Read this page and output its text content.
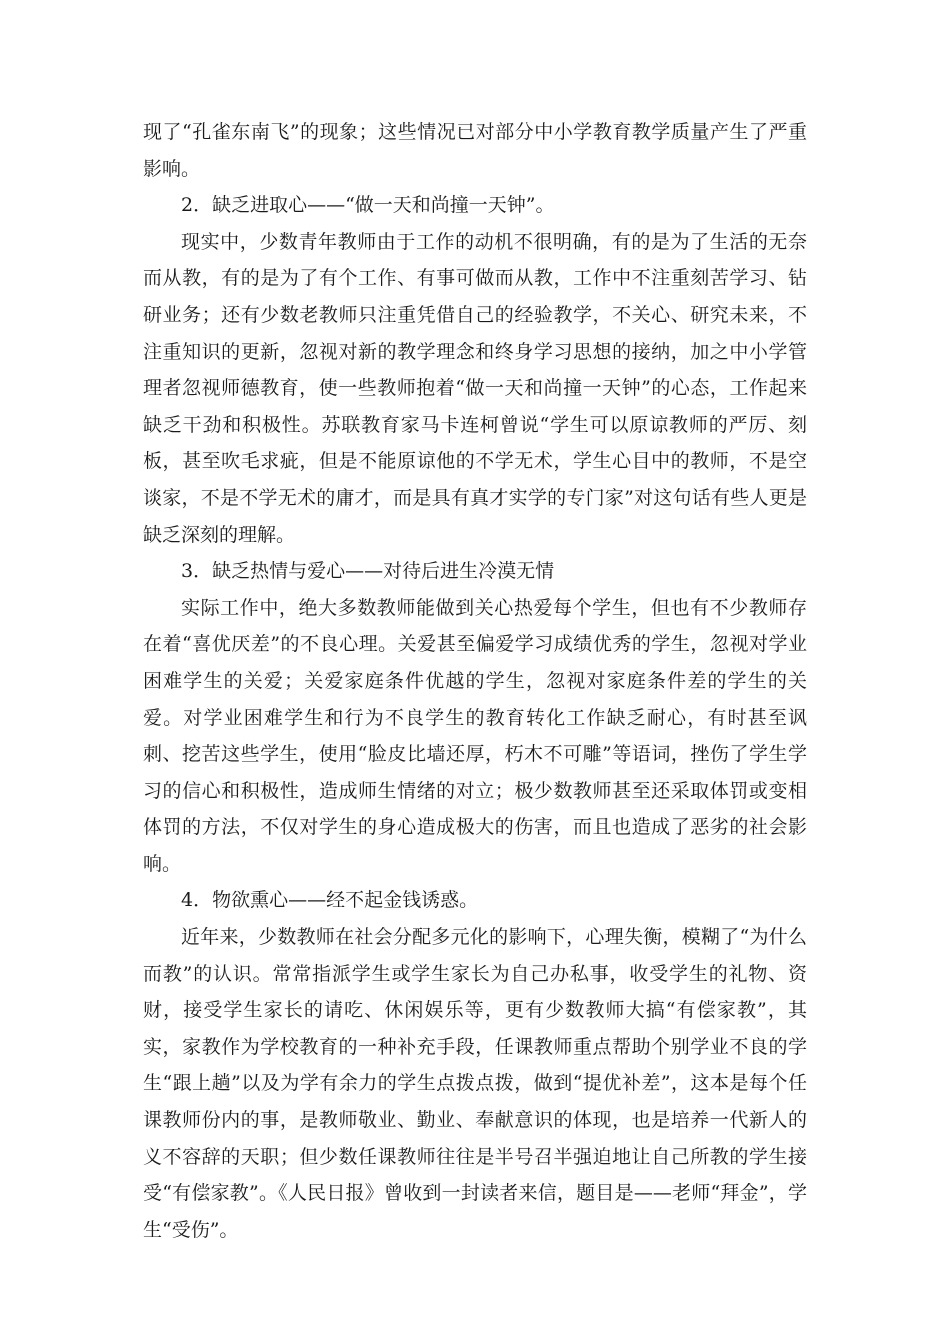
现了“孔雀东南飞”的现象；这些情况已对部分中小学教育教学质量产生了严重影响。

2．缺乏进取心——“做一天和尚撞一天钟”。

现实中，少数青年教师由于工作的动机不很明确，有的是为了生活的无奈而从教，有的是为了有个工作、有事可做而从教，工作中不注重刻苦学习、钻研业务；还有少数老教师只注重凭借自己的经验教学，不关心、研究未来，不注重知识的更新，忽视对新的教学理念和终身学习思想的接纳，加之中小学管理者忽视师德教育，使一些教师抱着“做一天和尚撞一天钟”的心态，工作起来缺乏干劲和积极性。苏联教育家马卡连柯曾说“学生可以原谅教师的严厉、刻板，甚至吹毛求疵，但是不能原谅他的不学无术，学生心目中的教师，不是空谈家，不是不学无术的庸才，而是具有真才实学的专门家”对这句话有些人更是缺乏深刻的理解。

3．缺乏热情与爱心——对待后进生冷漠无情

实际工作中，绝大多数教师能做到关心热爱每个学生，但也有不少教师存在着“喜优厌差”的不良心理。关爱甚至偏爱学习成绩优秀的学生，忽视对学业困难学生的关爱；关爱家庭条件优越的学生，忽视对家庭条件差的学生的关爱。对学业困难学生和行为不良学生的教育转化工作缺乏耐心，有时甚至讽刺、挖苦这些学生，使用“脸皮比墙还厚，朽木不可雕”等语词，挫伤了学生学习的信心和积极性，造成师生情绪的对立；极少数教师甚至还采取体罚或变相体罚的方法，不仅对学生的身心造成极大的伤害，而且也造成了恶劣的社会影响。

4．物欲熏心——经不起金钱诱惑。

近年来，少数教师在社会分配多元化的影响下，心理失衡，模糊了“为什么而教”的认识。常常指派学生或学生家长为自己办私事，收受学生的礼物、资财，接受学生家长的请吃、休闲娱乐等，更有少数教师大搞“有偿家教”，其实，家教作为学校教育的一种补充手段，任课教师重点帮助个别学业不良的学生“跟上趟”以及为学有余力的学生点拨点拨，做到“提优补差”，这本是每个任课教师份内的事，是教师敬业、勤业、奉献意识的体现，也是培养一代新人的义不容辞的天职；但少数任课教师往往是半号召半强迫地让自己所教的学生接受“有偿家教”。《人民日报》曾收到一封读者来信，题目是——老师“拜金”，学生“受伤”。
